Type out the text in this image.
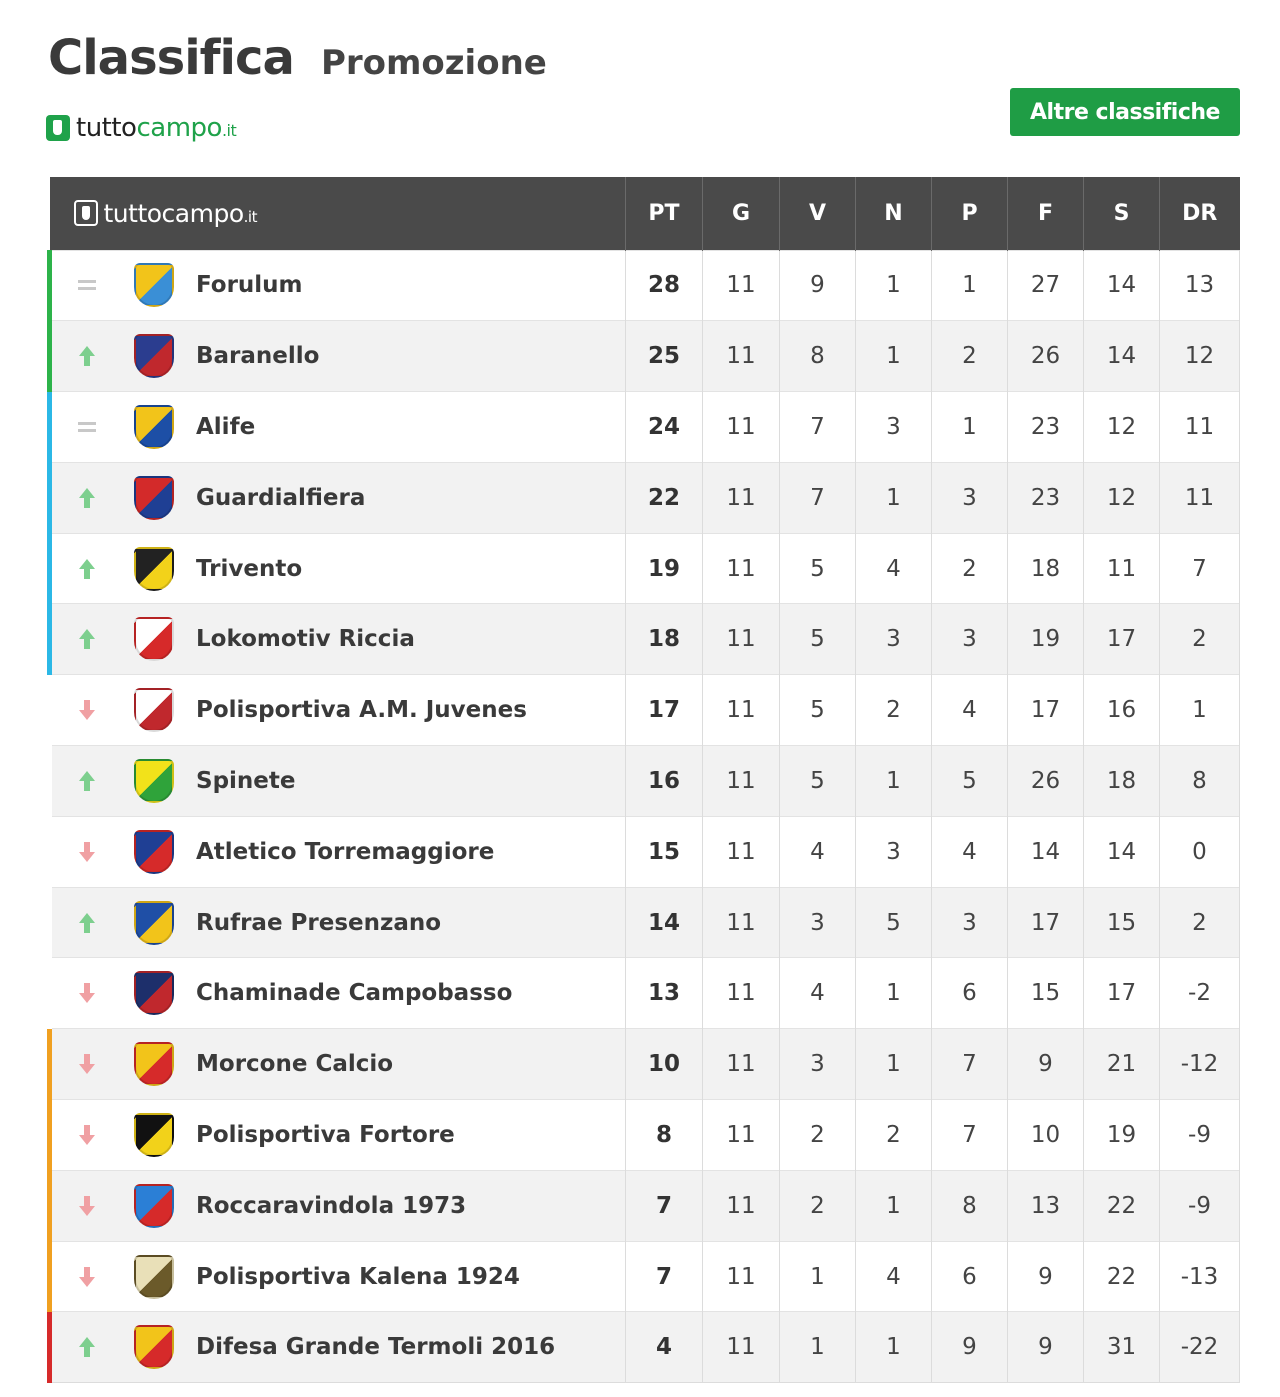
Classifica Promozione
tuttocampo.it
Altre classifiche
tuttocampo.it	PT	G	V	N	P	F	S	DR

Forulum	28	11	9	1	1	27	14	13

Baranello	25	11	8	1	2	26	14	12

Alife	24	11	7	3	1	23	12	11

Guardialfiera	22	11	7	1	3	23	12	11

Trivento	19	11	5	4	2	18	11	7

Lokomotiv Riccia	18	11	5	3	3	19	17	2

Polisportiva A.M. Juvenes	17	11	5	2	4	17	16	1

Spinete	16	11	5	1	5	26	18	8

Atletico Torremaggiore	15	11	4	3	4	14	14	0

Rufrae Presenzano	14	11	3	5	3	17	15	2

Chaminade Campobasso	13	11	4	1	6	15	17	-2

Morcone Calcio	10	11	3	1	7	9	21	-12

Polisportiva Fortore	8	11	2	2	7	10	19	-9

Roccaravindola 1973	7	11	2	1	8	13	22	-9

Polisportiva Kalena 1924	7	11	1	4	6	9	22	-13

Difesa Grande Termoli 2016	4	11	1	1	9	9	31	-22
